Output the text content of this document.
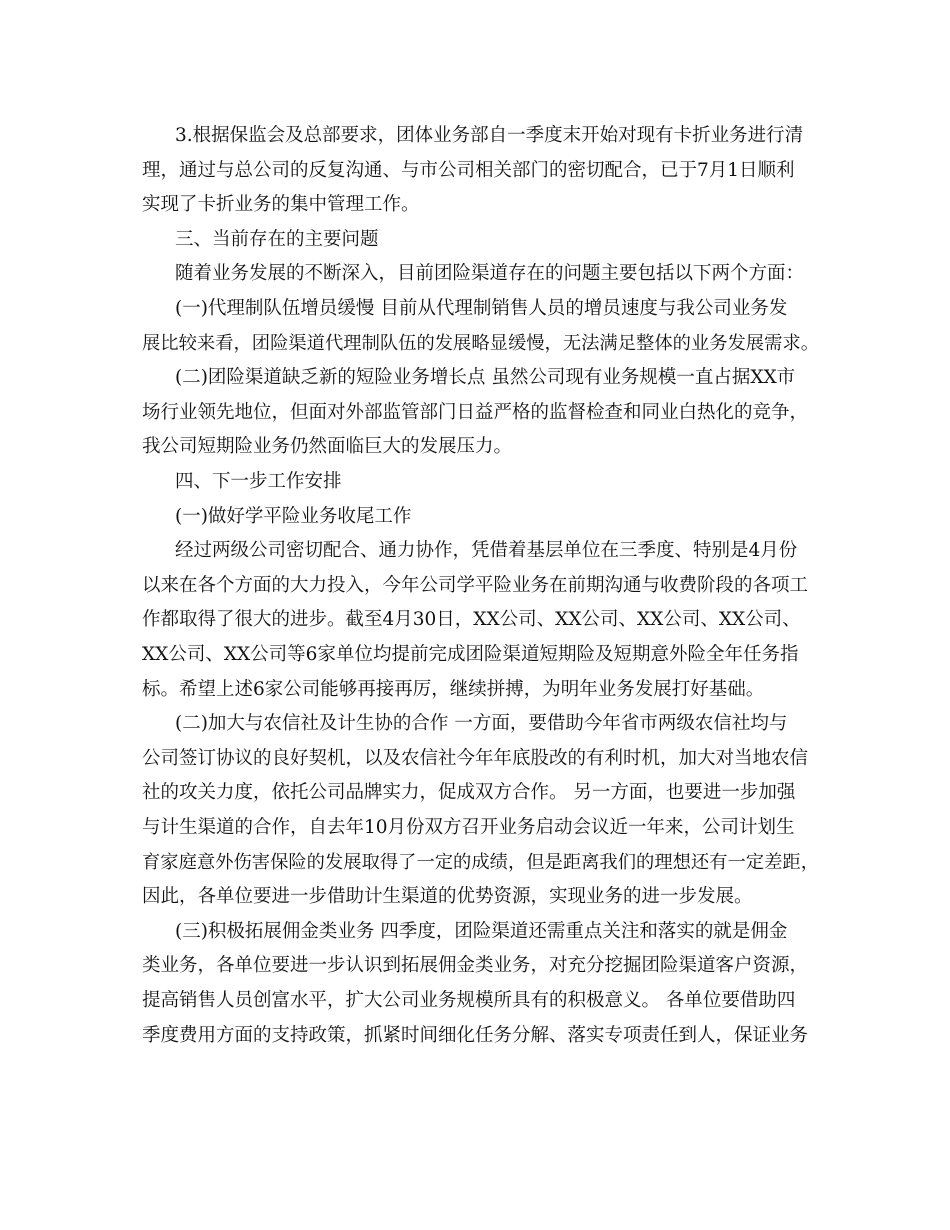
3.根据保监会及总部要求，团体业务部自一季度末开始对现有卡折业务进行清
理，通过与总公司的反复沟通、与市公司相关部门的密切配合，已于7月1日顺利
实现了卡折业务的集中管理工作。
三、当前存在的主要问题
随着业务发展的不断深入，目前团险渠道存在的问题主要包括以下两个方面：
(一)代理制队伍增员缓慢 目前从代理制销售人员的增员速度与我公司业务发
展比较来看，团险渠道代理制队伍的发展略显缓慢，无法满足整体的业务发展需求。
(二)团险渠道缺乏新的短险业务增长点 虽然公司现有业务规模一直占据XX市
场行业领先地位，但面对外部监管部门日益严格的监督检查和同业白热化的竞争，
我公司短期险业务仍然面临巨大的发展压力。
四、下一步工作安排
(一)做好学平险业务收尾工作
经过两级公司密切配合、通力协作，凭借着基层单位在三季度、特别是4月份
以来在各个方面的大力投入，今年公司学平险业务在前期沟通与收费阶段的各项工
作都取得了很大的进步。截至4月30日，XX公司、XX公司、XX公司、XX公司、
XX公司、XX公司等6家单位均提前完成团险渠道短期险及短期意外险全年任务指
标。希望上述6家公司能够再接再厉，继续拼搏，为明年业务发展打好基础。
(二)加大与农信社及计生协的合作 一方面，要借助今年省市两级农信社均与
公司签订协议的良好契机，以及农信社今年年底股改的有利时机，加大对当地农信
社的攻关力度，依托公司品牌实力，促成双方合作。 另一方面，也要进一步加强
与计生渠道的合作，自去年10月份双方召开业务启动会议近一年来，公司计划生
育家庭意外伤害保险的发展取得了一定的成绩，但是距离我们的理想还有一定差距，
因此，各单位要进一步借助计生渠道的优势资源，实现业务的进一步发展。
(三)积极拓展佣金类业务 四季度，团险渠道还需重点关注和落实的就是佣金
类业务，各单位要进一步认识到拓展佣金类业务，对充分挖掘团险渠道客户资源，
提高销售人员创富水平，扩大公司业务规模所具有的积极意义。 各单位要借助四
季度费用方面的支持政策，抓紧时间细化任务分解、落实专项责任到人，保证业务
